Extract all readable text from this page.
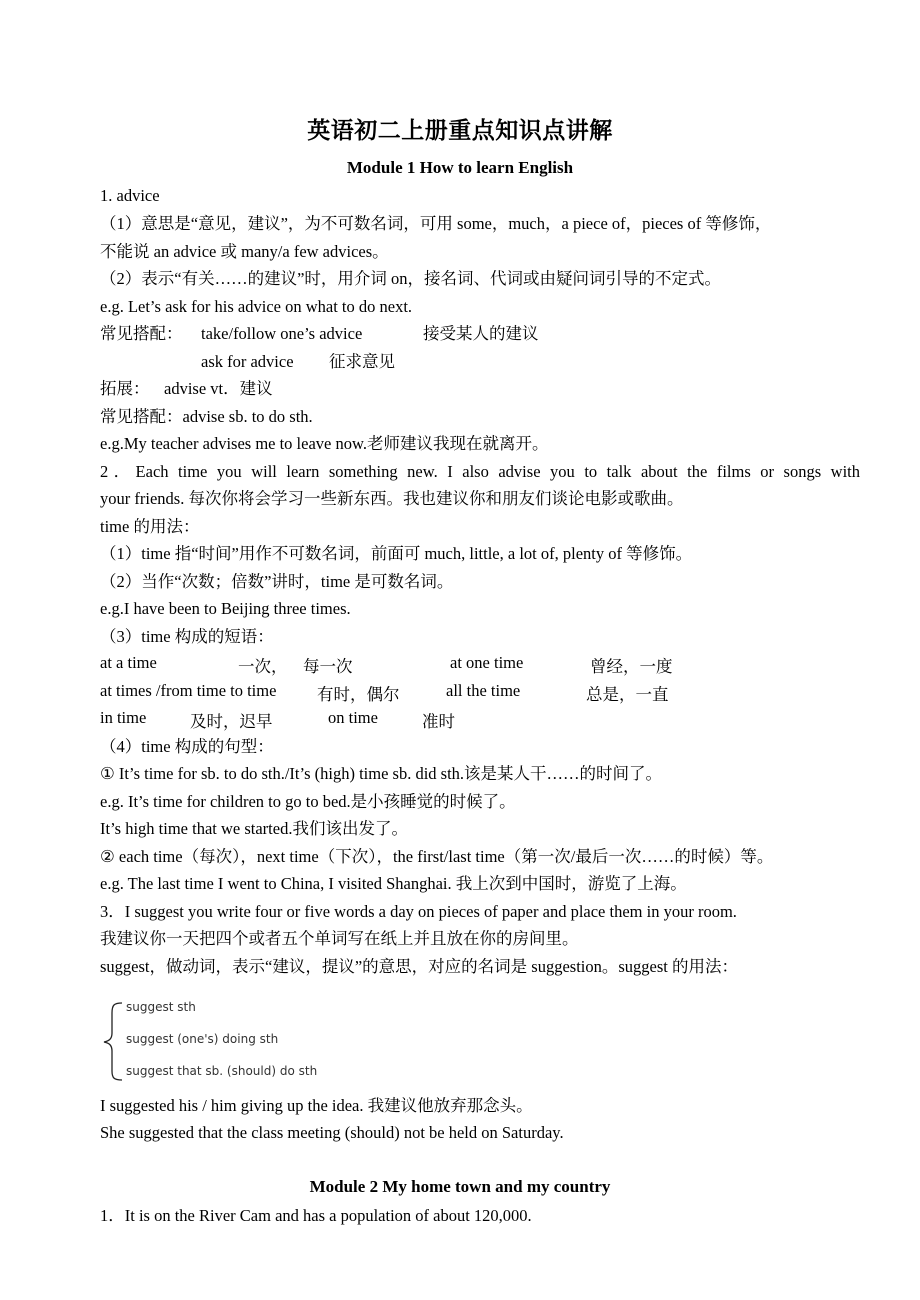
英语初二上册重点知识点讲解
Module 1 How to learn English
1. advice
（1）意思是“意见，建议”，为不可数名词，可用 some，much，a piece of，pieces of 等修饰，
不能说 an advice 或 many/a few advices。
（2）表示“有关……的建议”时，用介词 on，接名词、代词或由疑问词引导的不定式。
e.g. Let’s ask for his advice on what to do next.
常见搭配： take/follow one’s advice	接受某人的建议
ask for advice 征求意见
拓展： advise vt．建议
常见搭配：advise sb. to do sth.
e.g.My teacher advises me to leave now.老师建议我现在就离开。
2．Each time you will learn something new. I also advise you to talk about the films or songs with
your friends. 每次你将会学习一些新东西。我也建议你和朋友们谈论电影或歌曲。
time 的用法：
（1）time 指“时间”用作不可数名词，前面可 much, little, a lot of, plenty of 等修饰。
（2）当作“次数；倍数”讲时，time 是可数名词。
e.g.I have been to Beijing three times.
（3）time 构成的短语：
at a time	一次， 每一次	at one time	曾经，一度
at times /from time to time 有时，偶尔	all the time	总是，一直
in time	及时，迟早	on time	准时
（4）time 构成的句型：
① It’s time for sb. to do sth./It’s (high) time sb. did sth.该是某人干……的时间了。
e.g. It’s time for children to go to bed.是小孩睡觉的时候了。
It’s high time that we started.我们该出发了。
② each time（每次），next time（下次），the first/last time（第一次/最后一次……的时候）等。
e.g. The last time I went to China, I visited Shanghai. 我上次到中国时，游览了上海。
3．I suggest you write four or five words a day on pieces of paper and place them in your room.
我建议你一天把四个或者五个单词写在纸上并且放在你的房间里。
suggest，做动词，表示“建议，提议”的意思，对应的名词是 suggestion。suggest 的用法：
suggest sth
suggest (one's) doing sth
suggest that sb. (should) do sth
I suggested his / him giving up the idea. 我建议他放弃那念头。
She suggested that the class meeting (should) not be held on Saturday.
Module 2 My home town and my country
1．It is on the River Cam and has a population of about 120,000.
